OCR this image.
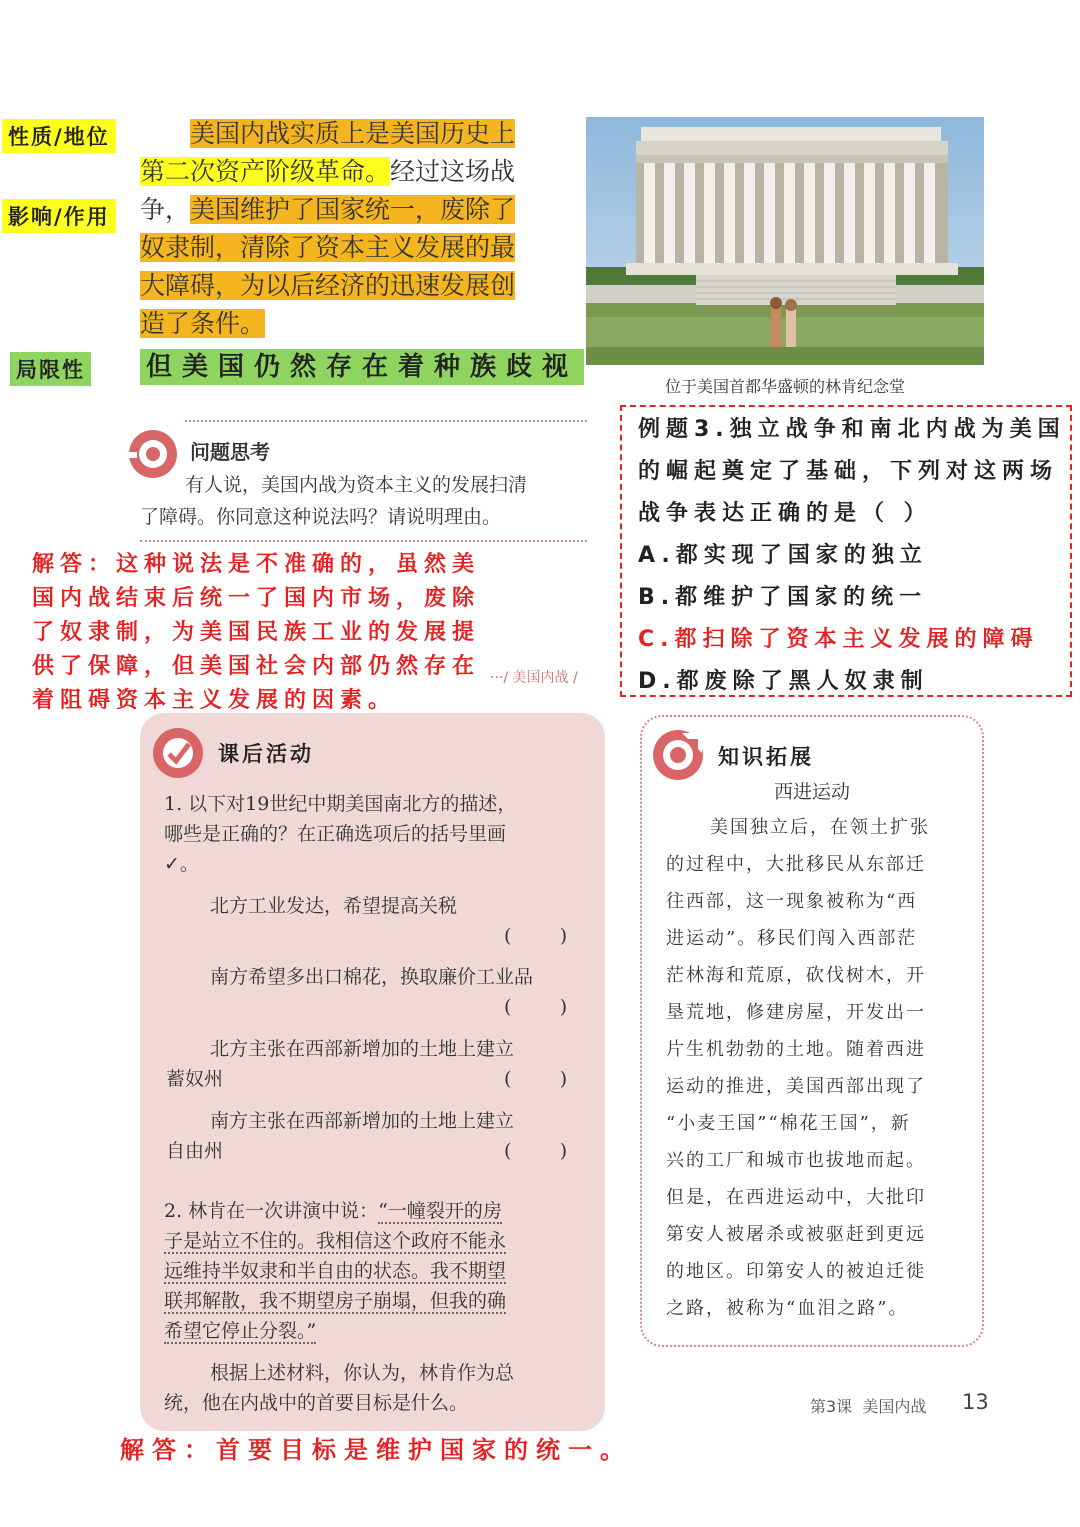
性质/地位
影响/作用
局限性
美国内战实质上是美国历史上
第二次资产阶级革命。经过这场战
争，美国维护了国家统一，废除了
奴隶制，清除了资本主义发展的最
大障碍，为以后经济的迅速发展创
造了条件。
但美国仍然存在着种族歧视
位于美国首都华盛顿的林肯纪念堂
问题思考
有人说，美国内战为资本主义的发展扫清
了障碍。你同意这种说法吗？请说明理由。
解答：这种说法是不准确的，虽然美
国内战结束后统一了国内市场，废除
了奴隶制，为美国民族工业的发展提
供了保障，但美国社会内部仍然存在
着阻碍资本主义发展的因素。
···/ 美国内战 /
例题3.独立战争和南北内战为美国
的崛起奠定了基础，下列对这两场
战争表达正确的是（ ）
A.都实现了国家的独立
B.都维护了国家的统一
C.都扫除了资本主义发展的障碍
D.都废除了黑人奴隶制
课后活动
1. 以下对19世纪中期美国南北方的描述，
哪些是正确的？在正确选项后的括号里画
✓。
北方工业发达，希望提高关税
(        )
南方希望多出口棉花，换取廉价工业品
(        )
北方主张在西部新增加的土地上建立
蓄奴州	(        )
南方主张在西部新增加的土地上建立
自由州	(        )
2. 林肯在一次讲演中说：“一幢裂开的房
子是站立不住的。我相信这个政府不能永
远维持半奴隶和半自由的状态。我不期望
联邦解散，我不期望房子崩塌，但我的确
希望它停止分裂。”
根据上述材料，你认为，林肯作为总
统，他在内战中的首要目标是什么。
解答：首要目标是维护国家的统一。
知识拓展
西进运动
美国独立后，在领土扩张
的过程中，大批移民从东部迁
往西部，这一现象被称为“西
进运动”。移民们闯入西部茫
茫林海和荒原，砍伐树木，开
垦荒地，修建房屋，开发出一
片生机勃勃的土地。随着西进
运动的推进，美国西部出现了
“小麦王国”“棉花王国”，新
兴的工厂和城市也拔地而起。
但是，在西进运动中，大批印
第安人被屠杀或被驱赶到更远
的地区。印第安人的被迫迁徙
之路，被称为“血泪之路”。
第3课  美国内战 13
